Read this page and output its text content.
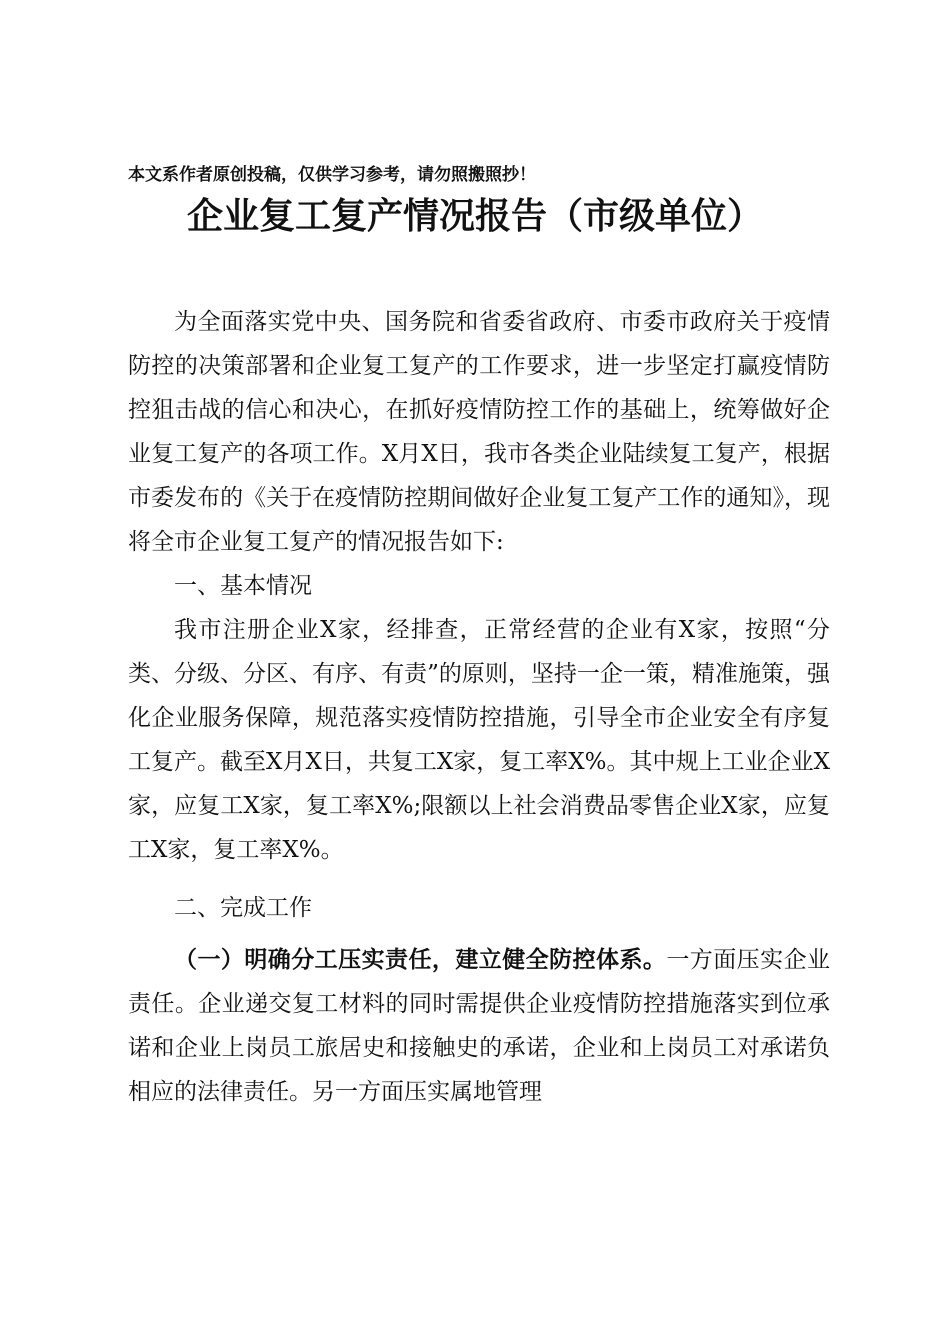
本文系作者原创投稿，仅供学习参考，请勿照搬照抄！
企业复工复产情况报告（市级单位）

为全面落实党中央、国务院和省委省政府、市委市政府关于疫情防控的决策部署和企业复工复产的工作要求，进一步坚定打赢疫情防控狙击战的信心和决心，在抓好疫情防控工作的基础上，统筹做好企业复工复产的各项工作。X月X日，我市各类企业陆续复工复产，根据市委发布的《关于在疫情防控期间做好企业复工复产工作的通知》，现将全市企业复工复产的情况报告如下:

一、基本情况

我市注册企业X家，经排查，正常经营的企业有X家，按照“分类、分级、分区、有序、有责”的原则，坚持一企一策，精准施策，强化企业服务保障，规范落实疫情防控措施，引导全市企业安全有序复工复产。截至X月X日，共复工X家，复工率X%。其中规上工业企业X家，应复工X家，复工率X%;限额以上社会消费品零售企业X家，应复工X家，复工率X%。

二、完成工作

（一）明确分工压实责任，建立健全防控体系。一方面压实企业责任。企业递交复工材料的同时需提供企业疫情防控措施落实到位承诺和企业上岗员工旅居史和接触史的承诺，企业和上岗员工对承诺负相应的法律责任。另一方面压实属地管理
